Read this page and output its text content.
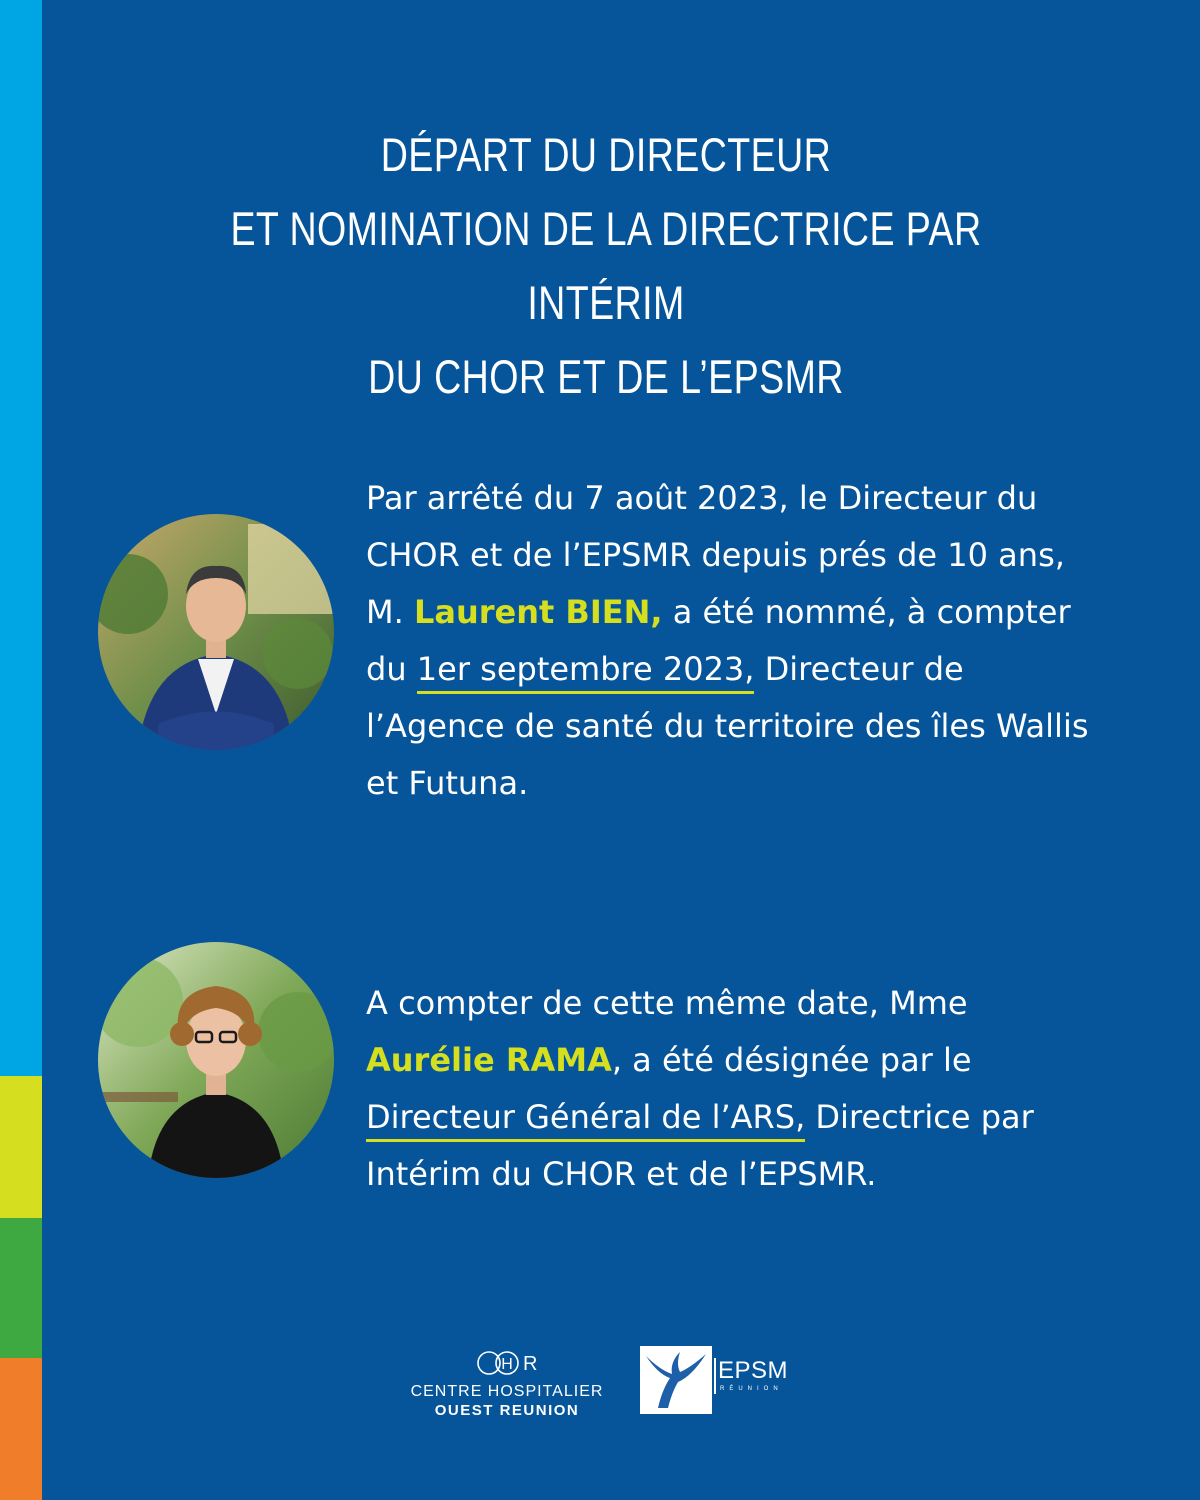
DÉPART DU DIRECTEUR
ET NOMINATION DE LA DIRECTRICE PAR INTÉRIM
DU CHOR ET DE L’EPSMR

Par arrêté du 7 août 2023, le Directeur du CHOR et de l’EPSMR depuis prés de 10 ans, M. Laurent BIEN, a été nommé, à compter du 1er septembre 2023, Directeur de l’Agence de santé du territoire des îles Wallis et Futuna.

A compter de cette même date, Mme Aurélie RAMA, a été désignée par le Directeur Général de l’ARS, Directrice par Intérim du CHOR et de l’EPSMR.

H R
CENTRE HOSPITALIER
OUEST REUNION
EPSM
RÉUNION
